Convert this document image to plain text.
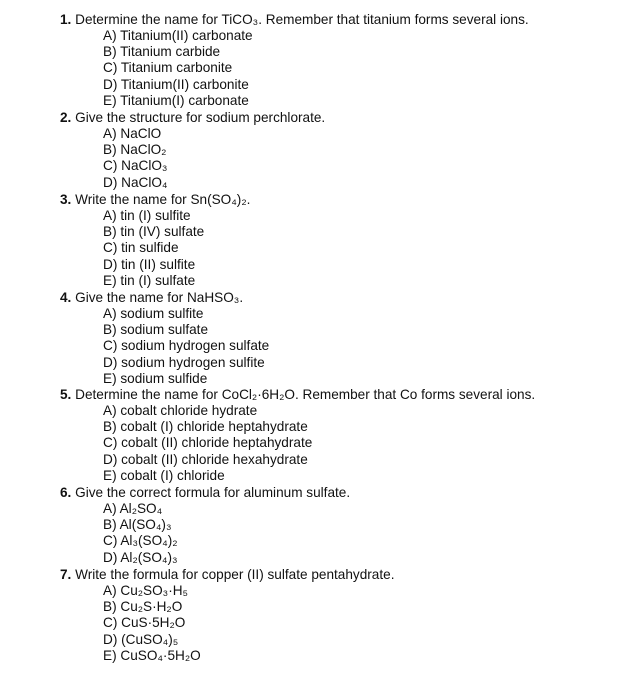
1. Determine the name for TiCO₃. Remember that titanium forms several ions.
A) Titanium(II) carbonate
B) Titanium carbide
C) Titanium carbonite
D) Titanium(II) carbonite
E) Titanium(I) carbonate
2. Give the structure for sodium perchlorate.
A) NaClO
B) NaClO₂
C) NaClO₃
D) NaClO₄
3. Write the name for Sn(SO₄)₂.
A) tin (I) sulfite
B) tin (IV) sulfate
C) tin sulfide
D) tin (II) sulfite
E) tin (I) sulfate
4. Give the name for NaHSO₃.
A) sodium sulfite
B) sodium sulfate
C) sodium hydrogen sulfate
D) sodium hydrogen sulfite
E) sodium sulfide
5. Determine the name for CoCl₂·6H₂O. Remember that Co forms several ions.
A) cobalt chloride hydrate
B) cobalt (I) chloride heptahydrate
C) cobalt (II) chloride heptahydrate
D) cobalt (II) chloride hexahydrate
E) cobalt (I) chloride
6. Give the correct formula for aluminum sulfate.
A) Al₂SO₄
B) Al(SO₄)₃
C) Al₃(SO₄)₂
D) Al₂(SO₄)₃
7. Write the formula for copper (II) sulfate pentahydrate.
A) Cu₂SO₃·H₅
B) Cu₂S·H₂O
C) CuS·5H₂O
D) (CuSO₄)₅
E) CuSO₄·5H₂O
